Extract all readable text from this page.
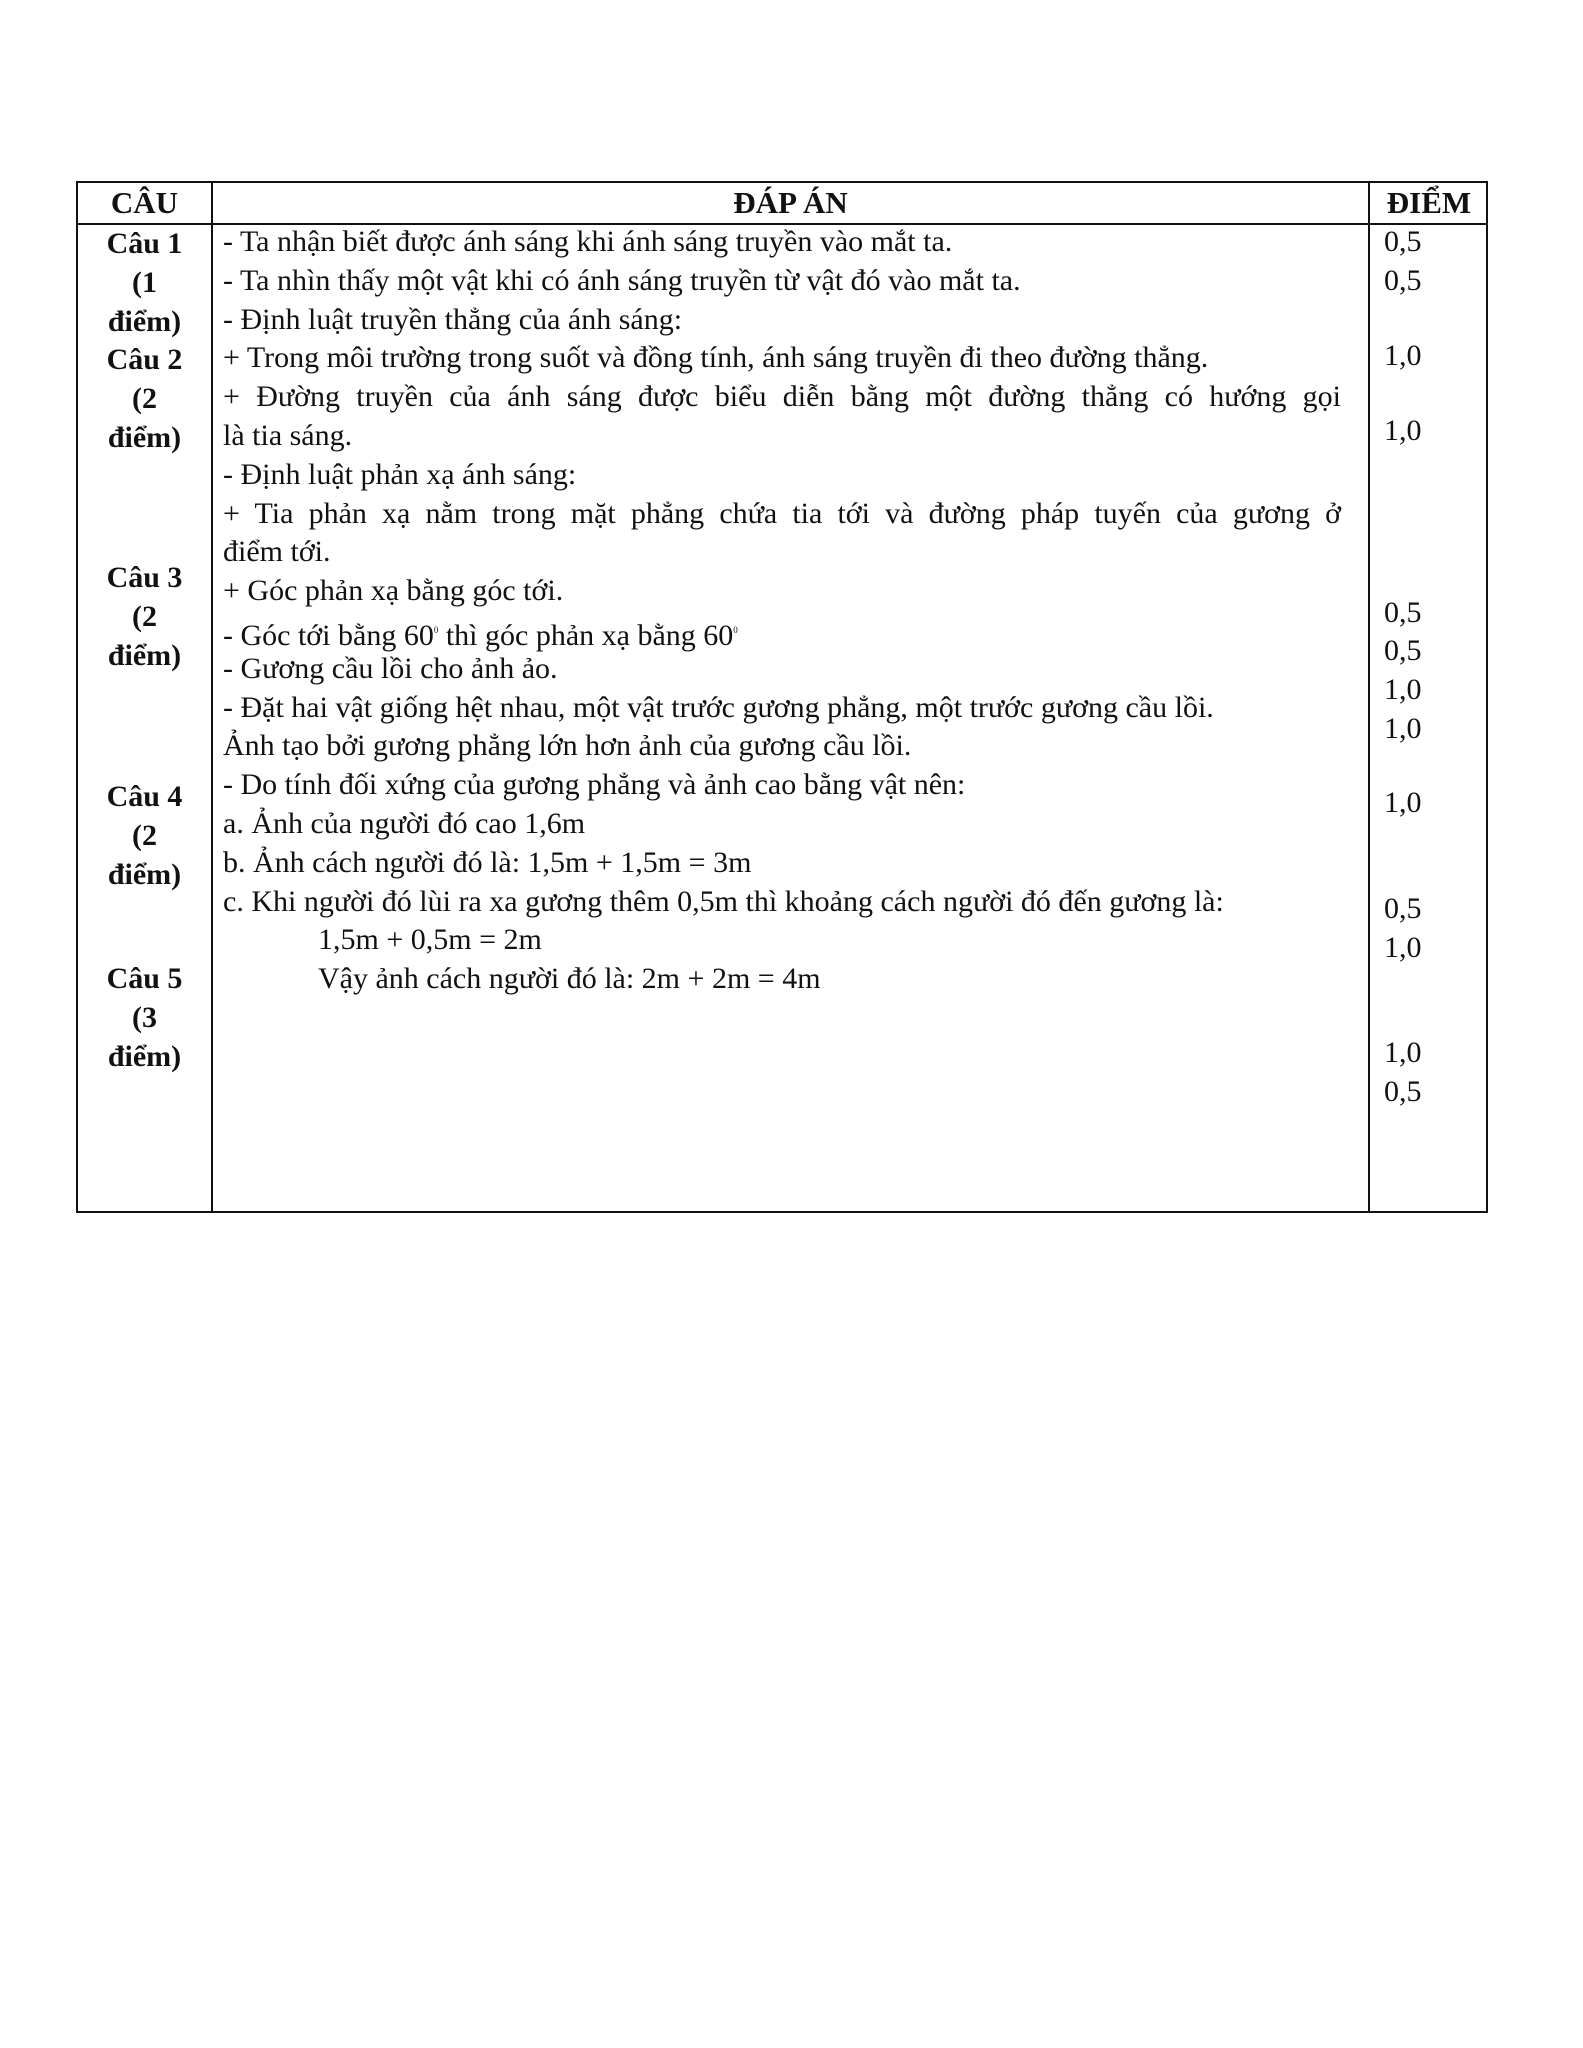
CÂU	ĐÁP ÁN	ĐIỂM
Câu 1
(1
điểm)
Câu 2
(2
điểm)
Câu 3
(2
điểm)
Câu 4
(2
điểm)
Câu 5
(3
điểm)
- Ta nhận biết được ánh sáng khi ánh sáng truyền vào mắt ta.
- Ta nhìn thấy một vật khi có ánh sáng truyền từ vật đó vào mắt ta.
- Định luật truyền thẳng của ánh sáng:
+ Trong môi trường trong suốt và đồng tính, ánh sáng truyền đi theo đường thẳng.
+ Đường truyền của ánh sáng được biểu diễn bằng một đường thẳng có hướng gọi
là tia sáng.
- Định luật phản xạ ánh sáng:
+ Tia phản xạ nằm trong mặt phẳng chứa tia tới và đường pháp tuyến của gương ở
điểm tới.
+ Góc phản xạ bằng góc tới.
- Góc tới bằng $60^0$ thì góc phản xạ bằng $60^0$
- Gương cầu lồi cho ảnh ảo.
- Đặt hai vật giống hệt nhau, một vật trước gương phẳng, một trước gương cầu lồi.
Ảnh tạo bởi gương phẳng lớn hơn ảnh của gương cầu lồi.
- Do tính đối xứng của gương phẳng và ảnh cao bằng vật nên:
a. Ảnh của người đó cao 1,6m
b. Ảnh cách người đó là: 1,5m + 1,5m = 3m
c. Khi người đó lùi ra xa gương thêm 0,5m thì khoảng cách người đó đến gương là:
1,5m + 0,5m = 2m
Vậy ảnh cách người đó là: 2m + 2m = 4m
0,5
0,5
1,0
1,0
0,5
0,5
1,0
1,0
1,0
0,5
1,0
1,0
0,5
